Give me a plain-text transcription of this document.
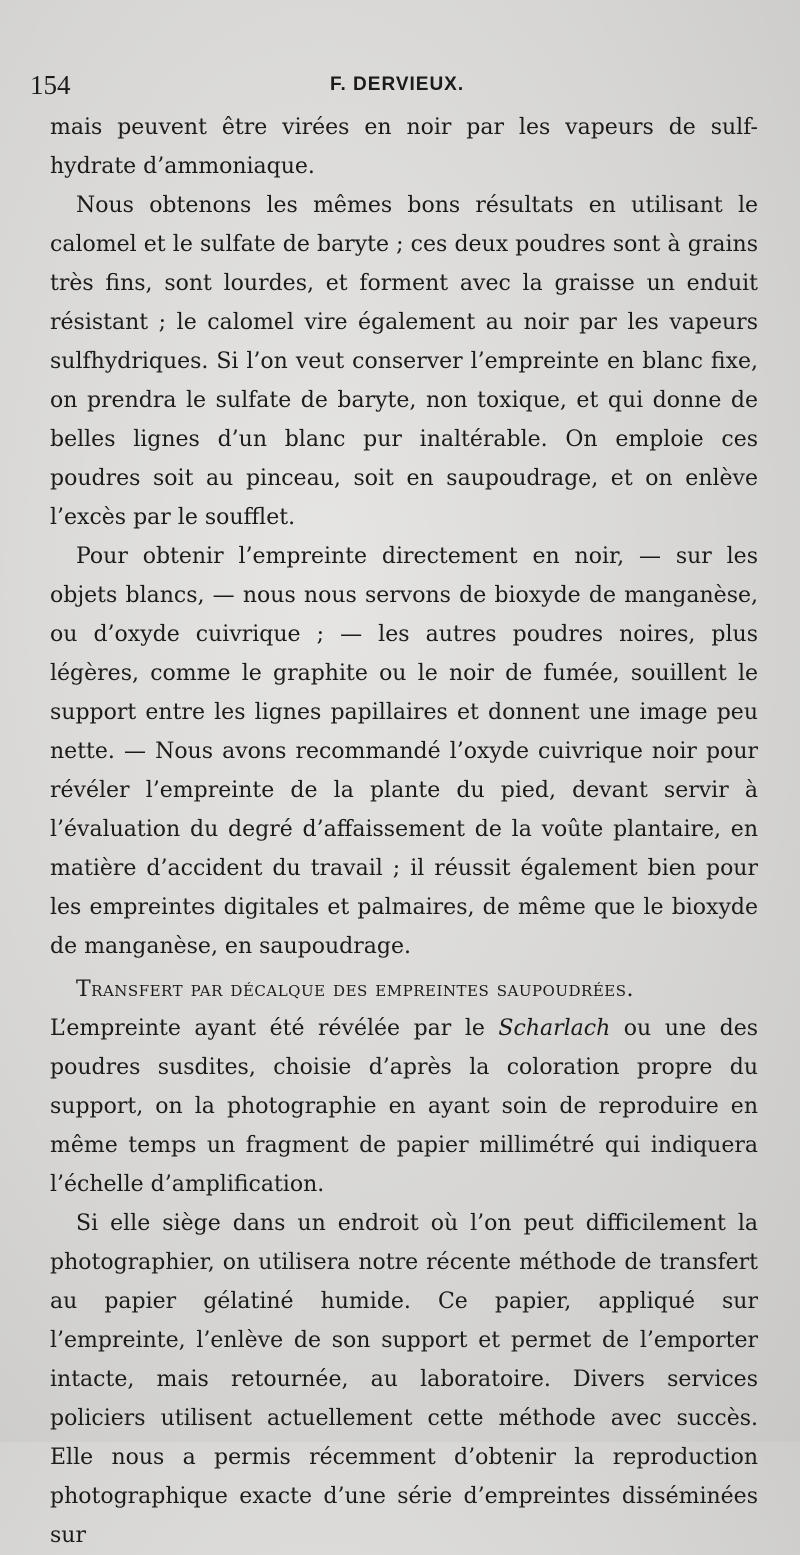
154	F. DERVIEUX.

mais peuvent être virées en noir par les vapeurs de sulf-hydrate d’ammoniaque.

Nous obtenons les mêmes bons résultats en utilisant le calomel et le sulfate de baryte ; ces deux poudres sont à grains très fins, sont lourdes, et forment avec la graisse un enduit résistant ; le calomel vire également au noir par les vapeurs sulfhydriques. Si l’on veut conserver l’empreinte en blanc fixe, on prendra le sulfate de baryte, non toxique, et qui donne de belles lignes d’un blanc pur inaltérable. On emploie ces poudres soit au pinceau, soit en saupoudrage, et on enlève l’excès par le soufflet.

Pour obtenir l’empreinte directement en noir, — sur les objets blancs, — nous nous servons de bioxyde de manganèse, ou d’oxyde cuivrique ; — les autres poudres noires, plus légères, comme le graphite ou le noir de fumée, souillent le support entre les lignes papillaires et donnent une image peu nette. — Nous avons recommandé l’oxyde cuivrique noir pour révéler l’empreinte de la plante du pied, devant servir à l’évaluation du degré d’affaissement de la voûte plantaire, en matière d’accident du travail ; il réussit également bien pour les empreintes digitales et palmaires, de même que le bioxyde de manganèse, en saupoudrage.

Transfert par décalque des empreintes saupoudrées.
L’empreinte ayant été révélée par le Scharlach ou une des poudres susdites, choisie d’après la coloration propre du support, on la photographie en ayant soin de reproduire en même temps un fragment de papier millimétré qui indiquera l’échelle d’amplification.

Si elle siège dans un endroit où l’on peut difficilement la photographier, on utilisera notre récente méthode de transfert au papier gélatiné humide. Ce papier, appliqué sur l’empreinte, l’enlève de son support et permet de l’emporter intacte, mais retournée, au laboratoire. Divers services policiers utilisent actuellement cette méthode avec succès. Elle nous a permis récemment d’obtenir la reproduction photographique exacte d’une série d’empreintes disséminées sur
